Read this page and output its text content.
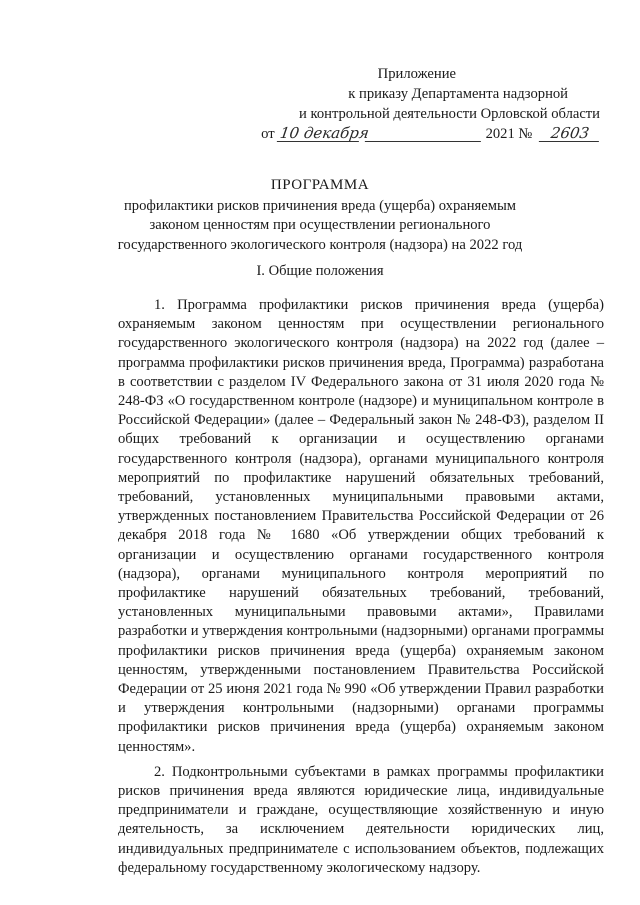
Приложение
к приказу Департамента надзорной
и контрольной деятельности Орловской области
от 10 декабря	2021 № 2603
ПРОГРАММА
профилактики рисков причинения вреда (ущерба) охраняемым законом ценностям при осуществлении регионального государственного экологического контроля (надзора) на 2022 год
I. Общие положения

1. Программа профилактики рисков причинения вреда (ущерба) охраняемым законом ценностям при осуществлении регионального государственного экологического контроля (надзора) на 2022 год (далее – программа профилактики рисков причинения вреда, Программа) разработана в соответствии с разделом IV Федерального закона от 31 июля 2020 года № 248-ФЗ «О государственном контроле (надзоре) и муниципальном контроле в Российской Федерации» (далее – Федеральный закон № 248-ФЗ), разделом II общих требований к организации и осуществлению органами государственного контроля (надзора), органами муниципального контроля мероприятий по профилактике нарушений обязательных требований, требований, установленных муниципальными правовыми актами, утвержденных постановлением Правительства Российской Федерации от 26 декабря 2018 года № 1680 «Об утверждении общих требований к организации и осуществлению органами государственного контроля (надзора), органами муниципального контроля мероприятий по профилактике нарушений обязательных требований, требований, установленных муниципальными правовыми актами», Правилами разработки и утверждения контрольными (надзорными) органами программы профилактики рисков причинения вреда (ущерба) охраняемым законом ценностям, утвержденными постановлением Правительства Российской Федерации от 25 июня 2021 года № 990 «Об утверждении Правил разработки и утверждения контрольными (надзорными) органами программы профилактики рисков причинения вреда (ущерба) охраняемым законом ценностям».

2. Подконтрольными субъектами в рамках программы профилактики рисков причинения вреда являются юридические лица, индивидуальные предприниматели и граждане, осуществляющие хозяйственную и иную деятельность, за исключением деятельности юридических лиц, индивидуальных предпринимателе с использованием объектов, подлежащих федеральному государственному экологическому надзору.
